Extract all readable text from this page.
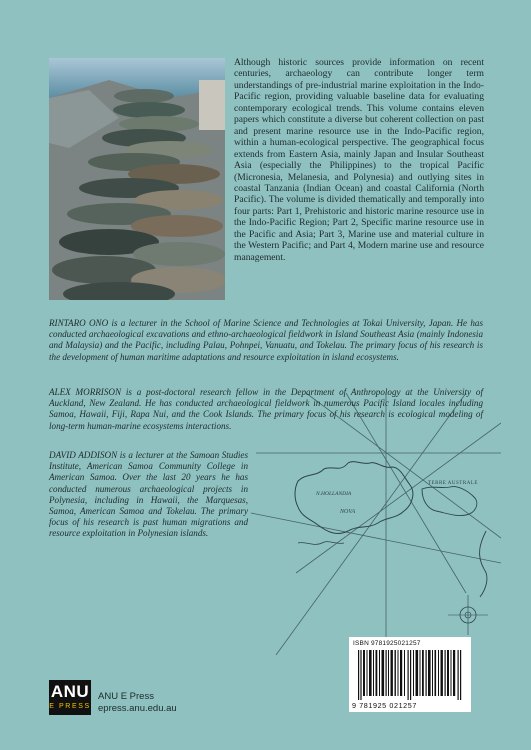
Although historic sources provide information on recent centuries, archaeology can contribute longer term understandings of pre-industrial marine exploitation in the Indo-Pacific region, providing valuable baseline data for evaluating contemporary ecological trends. This volume contains eleven papers which constitute a diverse but coherent collection on past and present marine resource use in the Indo-Pacific region, within a human-ecological perspective. The geographical focus extends from Eastern Asia, mainly Japan and Insular Southeast Asia (especially the Philippines) to the tropical Pacific (Micronesia, Melanesia, and Polynesia) and outlying sites in coastal Tanzania (Indian Ocean) and coastal California (North Pacific). The volume is divided thematically and temporally into four parts: Part 1, Prehistoric and historic marine resource use in the Indo-Pacific Region; Part 2, Specific marine resource use in the Pacific and Asia; Part 3, Marine use and material culture in the Western Pacific; and Part 4, Modern marine use and resource management.

RINTARO ONO is a lecturer in the School of Marine Science and Technologies at Tokai University, Japan. He has conducted archaeological excavations and ethno-archaeological fieldwork in Island Southeast Asia (mainly Indonesia and Malaysia) and the Pacific, including Palau, Pohnpei, Vanuatu, and Tokelau. The primary focus of his research is the development of human maritime adaptations and resource exploitation in island ecosystems.

ALEX MORRISON is a post-doctoral research fellow in the Department of Anthropology at the University of Auckland, New Zealand. He has conducted archaeological fieldwork in numerous Pacific Island locales including Samoa, Hawaii, Fiji, Rapa Nui, and the Cook Islands. The primary focus of his research is ecological modeling of long-term human-marine ecosystems interactions.

N.HOLLANDIA
TERRE AUSTRALE
NOVA

DAVID ADDISON is a lecturer at the Samoan Studies Institute, American Samoa Community College in American Samoa. Over the last 20 years he has conducted numerous archaeological projects in Polynesia, including in Hawaii, the Marquesas, Samoa, American Samoa and Tokelau. The primary focus of his research is past human migrations and resource exploitation in Polynesian islands.

ISBN 9781925021257
9 781925 021257
ANU
E PRESS
ANU E Press
epress.anu.edu.au
